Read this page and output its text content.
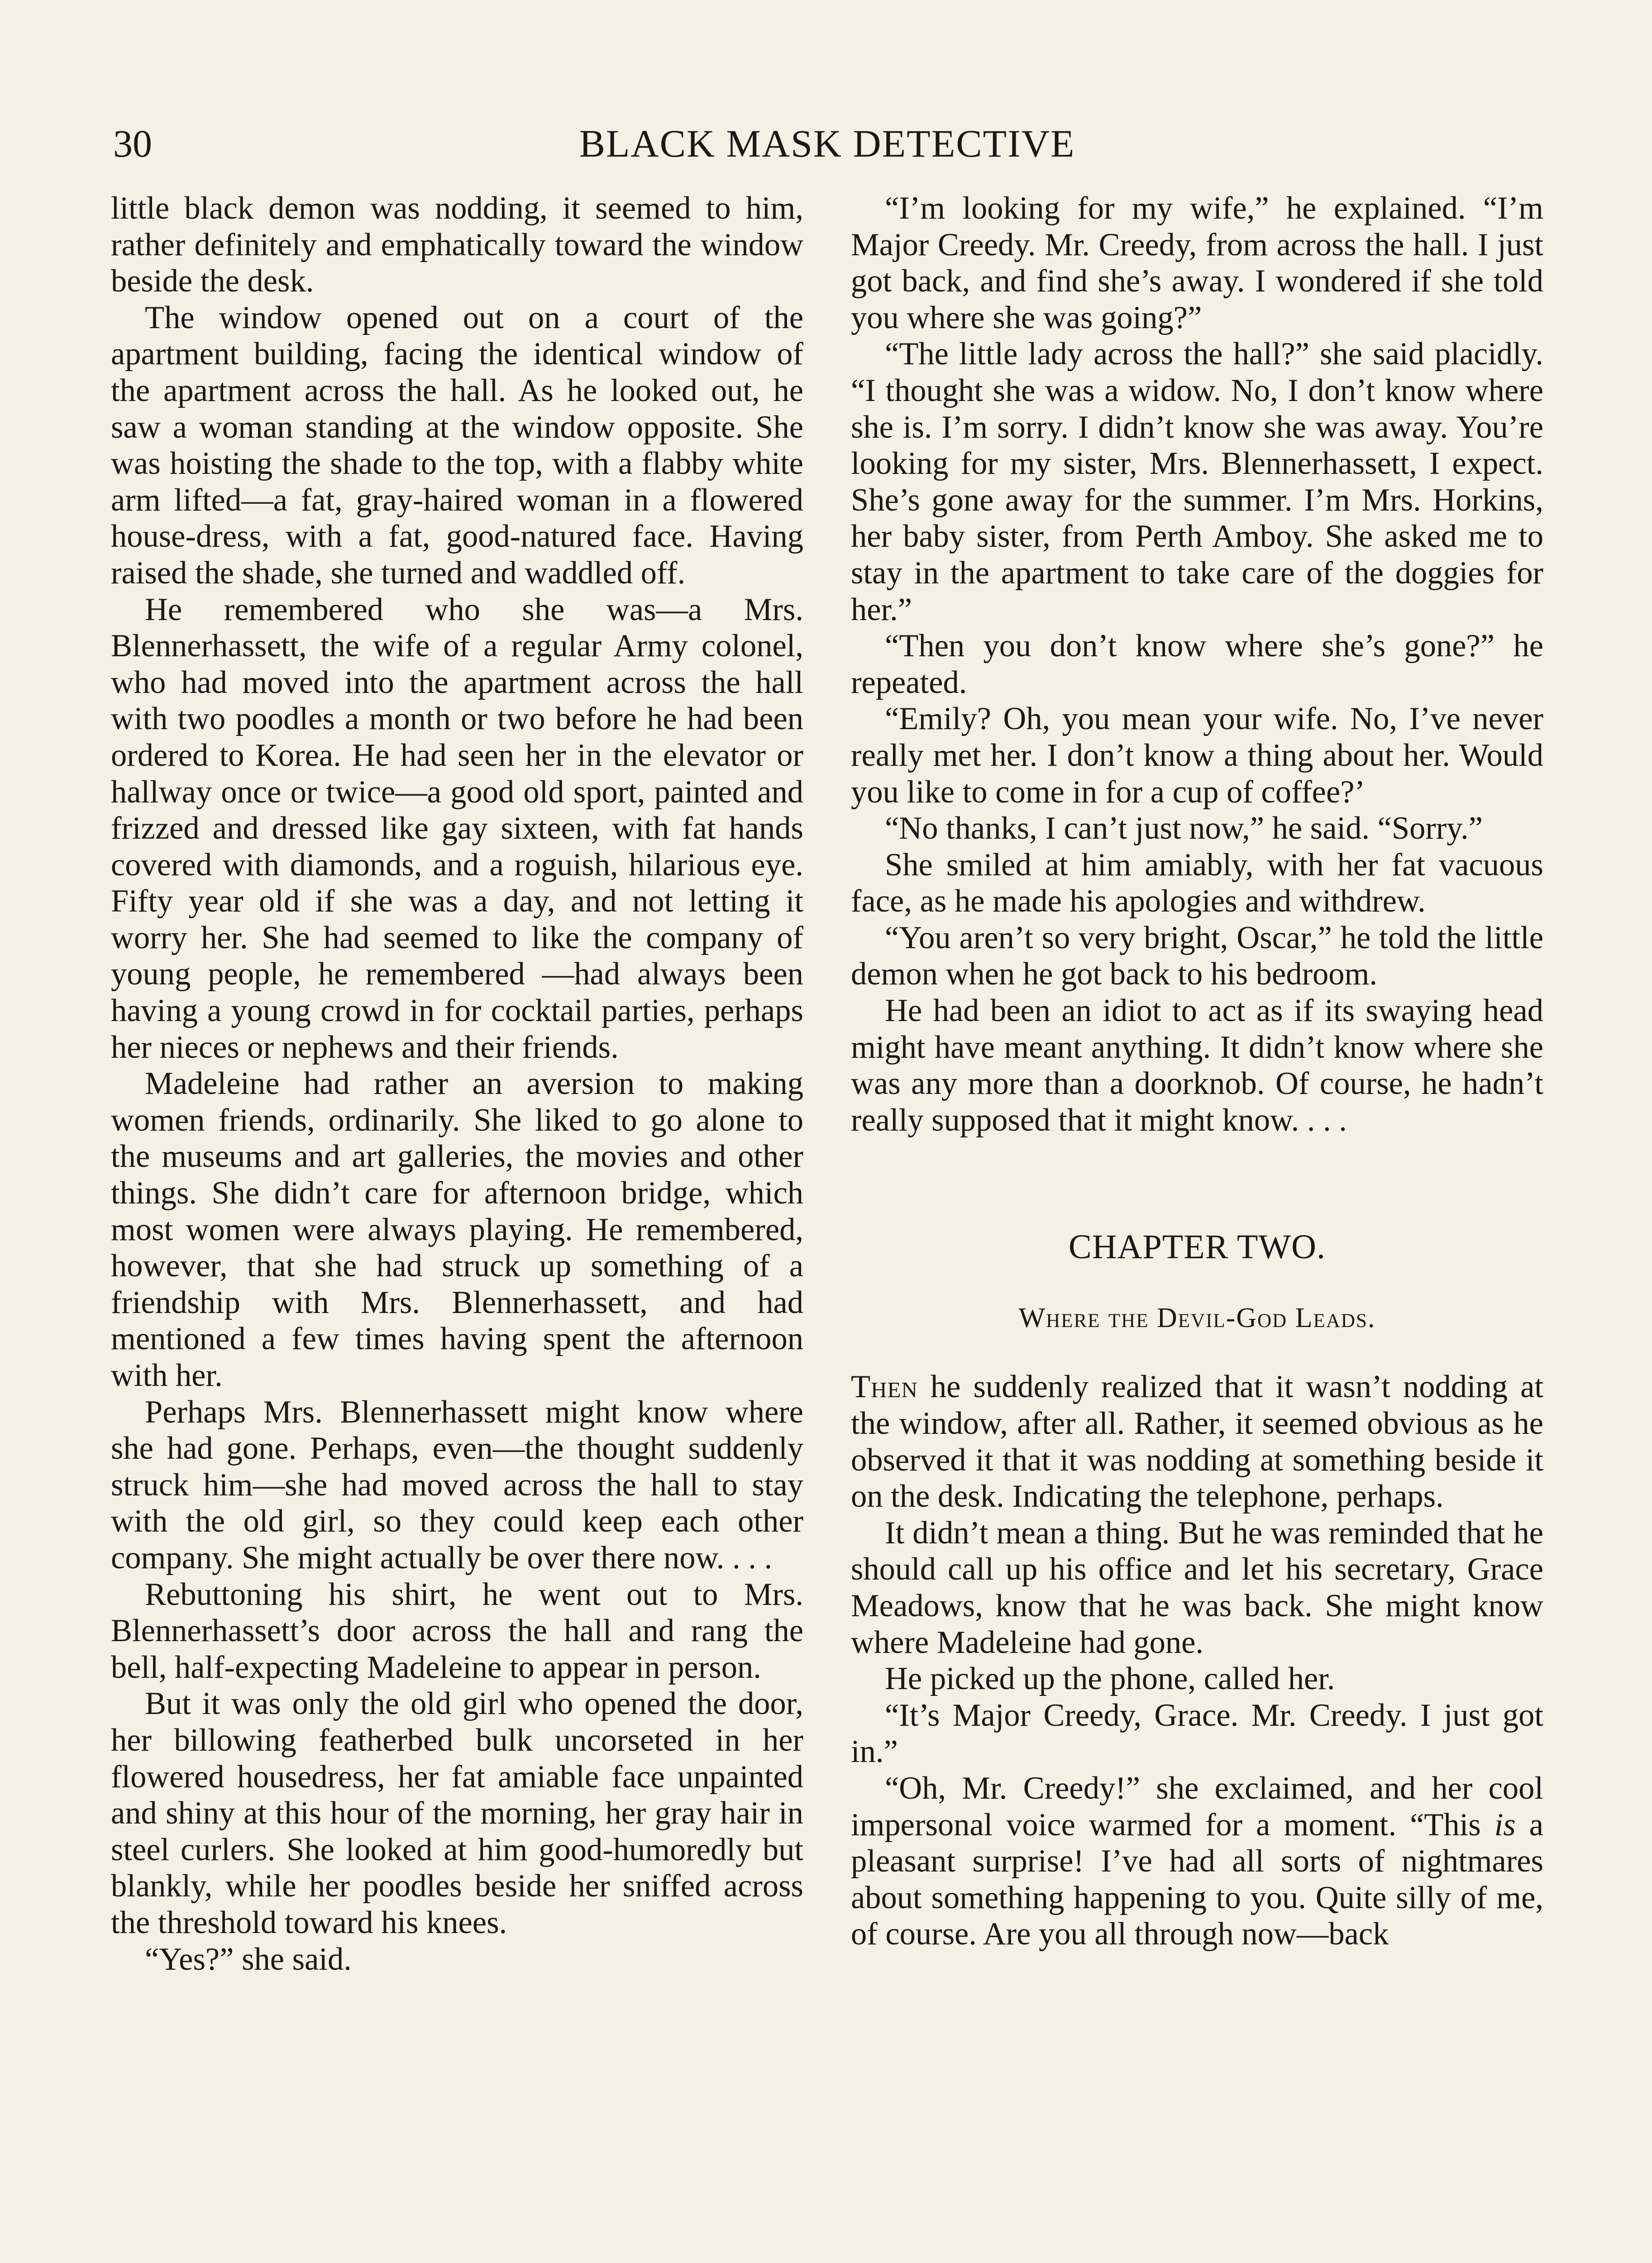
30	BLACK MASK DETECTIVE

little black demon was nodding, it seemed to him, rather definitely and emphatically toward the window beside the desk.

The window opened out on a court of the apartment building, facing the identical window of the apartment across the hall. As he looked out, he saw a woman standing at the window opposite. She was hoisting the shade to the top, with a flabby white arm lifted—a fat, gray-haired woman in a flowered house-dress, with a fat, good-natured face. Having raised the shade, she turned and waddled off.

He remembered who she was—a Mrs. Blennerhassett, the wife of a regular Army colonel, who had moved into the apartment across the hall with two poodles a month or two before he had been ordered to Korea. He had seen her in the elevator or hallway once or twice—a good old sport, painted and frizzed and dressed like gay sixteen, with fat hands covered with diamonds, and a roguish, hilarious eye. Fifty year old if she was a day, and not letting it worry her. She had seemed to like the company of young people, he remembered —had always been having a young crowd in for cocktail parties, perhaps her nieces or nephews and their friends.

Madeleine had rather an aversion to making women friends, ordinarily. She liked to go alone to the museums and art galleries, the movies and other things. She didn’t care for afternoon bridge, which most women were always playing. He remembered, however, that she had struck up something of a friendship with Mrs. Blennerhassett, and had mentioned a few times having spent the afternoon with her.

Perhaps Mrs. Blennerhassett might know where she had gone. Perhaps, even—the thought suddenly struck him—she had moved across the hall to stay with the old girl, so they could keep each other company. She might actually be over there now. . . .

Rebuttoning his shirt, he went out to Mrs. Blennerhassett’s door across the hall and rang the bell, half-expecting Madeleine to appear in person.

But it was only the old girl who opened the door, her billowing featherbed bulk uncorseted in her flowered housedress, her fat amiable face unpainted and shiny at this hour of the morning, her gray hair in steel curlers. She looked at him good-humoredly but blankly, while her poodles beside her sniffed across the threshold toward his knees.

“Yes?” she said.

“I’m looking for my wife,” he explained. “I’m Major Creedy. Mr. Creedy, from across the hall. I just got back, and find she’s away. I wondered if she told you where she was going?”

“The little lady across the hall?” she said placidly. “I thought she was a widow. No, I don’t know where she is. I’m sorry. I didn’t know she was away. You’re looking for my sister, Mrs. Blennerhassett, I expect. She’s gone away for the summer. I’m Mrs. Horkins, her baby sister, from Perth Amboy. She asked me to stay in the apartment to take care of the doggies for her.”

“Then you don’t know where she’s gone?” he repeated.

“Emily? Oh, you mean your wife. No, I’ve never really met her. I don’t know a thing about her. Would you like to come in for a cup of coffee?’

“No thanks, I can’t just now,” he said. “Sorry.”

She smiled at him amiably, with her fat vacuous face, as he made his apologies and withdrew.

“You aren’t so very bright, Oscar,” he told the little demon when he got back to his bedroom.

He had been an idiot to act as if its swaying head might have meant anything. It didn’t know where she was any more than a doorknob. Of course, he hadn’t really supposed that it might know. . . .

CHAPTER TWO.
Where the Devil-God Leads.

Then he suddenly realized that it wasn’t nodding at the window, after all. Rather, it seemed obvious as he observed it that it was nodding at something beside it on the desk. Indicating the telephone, perhaps.

It didn’t mean a thing. But he was reminded that he should call up his office and let his secretary, Grace Meadows, know that he was back. She might know where Madeleine had gone.

He picked up the phone, called her.

“It’s Major Creedy, Grace. Mr. Creedy. I just got in.”

“Oh, Mr. Creedy!” she exclaimed, and her cool impersonal voice warmed for a moment. “This is a pleasant surprise! I’ve had all sorts of nightmares about something happening to you. Quite silly of me, of course. Are you all through now—back
